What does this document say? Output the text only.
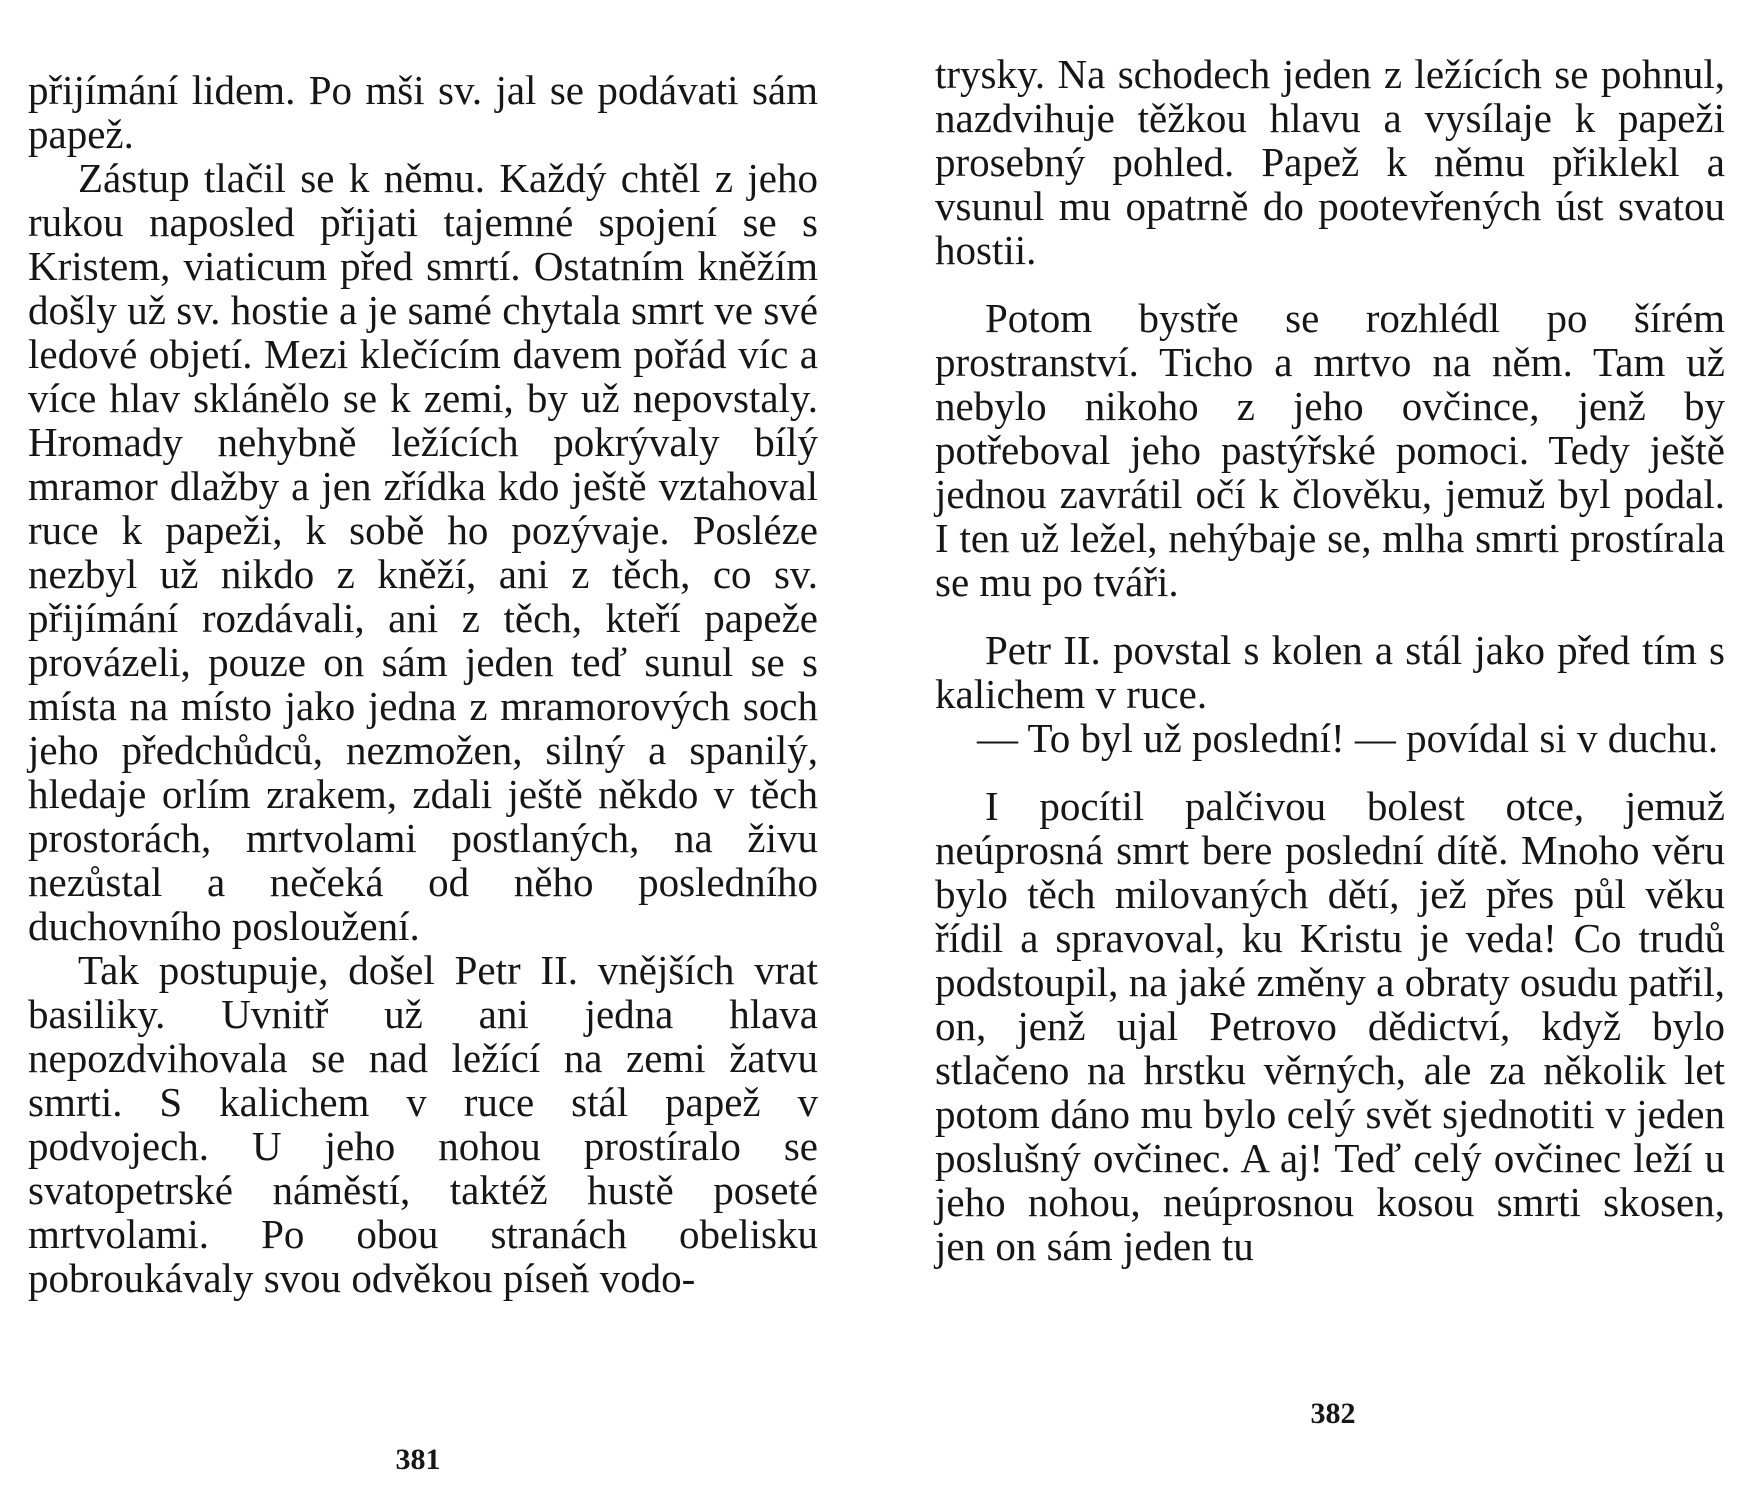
přijímání lidem. Po mši sv. jal se podávati sám papež.

Zástup tlačil se k němu. Každý chtěl z jeho rukou naposled přijati tajemné spojení se s Kristem, viaticum před smrtí. Ostatním kněžím došly už sv. hostie a je samé chytala smrt ve své ledové objetí. Mezi klečícím davem pořád víc a více hlav sklánělo se k zemi, by už nepovstaly. Hromady nehybně ležících pokrývaly bílý mramor dlažby a jen zřídka kdo ještě vztahoval ruce k papeži, k sobě ho pozývaje. Posléze nezbyl už nikdo z kněží, ani z těch, co sv. přijímání rozdávali, ani z těch, kteří papeže provázeli, pouze on sám jeden teď sunul se s místa na místo jako jedna z mramorových soch jeho předchůdců, nezmožen, silný a spanilý, hledaje orlím zrakem, zdali ještě někdo v těch prostorách, mrtvolami postlaných, na živu nezůstal a nečeká od něho posledního duchovního posloužení.

Tak postupuje, došel Petr II. vnějších vrat basiliky. Uvnitř už ani jedna hlava nepozdvihovala se nad ležící na zemi žatvu smrti. S kalichem v ruce stál papež v podvojech. U jeho nohou prostíralo se svatopetrské náměstí, taktéž hustě poseté mrtvolami. Po obou stranách obelisku pobroukávaly svou odvěkou píseň vodo-

381

trysky. Na schodech jeden z ležících se pohnul, nazdvihuje těžkou hlavu a vysílaje k papeži prosebný pohled. Papež k němu přiklekl a vsunul mu opatrně do pootevřených úst svatou hostii.

Potom bystře se rozhlédl po šírém prostranství. Ticho a mrtvo na něm. Tam už nebylo nikoho z jeho ovčince, jenž by potřeboval jeho pastýřské pomoci. Tedy ještě jednou zavrátil očí k člověku, jemuž byl podal. I ten už ležel, nehýbaje se, mlha smrti prostírala se mu po tváři.

Petr II. povstal s kolen a stál jako před tím s kalichem v ruce.

— To byl už poslední! — povídal si v duchu.

I pocítil palčivou bolest otce, jemuž neúprosná smrt bere poslední dítě. Mnoho věru bylo těch milovaných dětí, jež přes půl věku řídil a spravoval, ku Kristu je veda! Co trudů podstoupil, na jaké změny a obraty osudu patřil, on, jenž ujal Petrovo dědictví, když bylo stlačeno na hrstku věrných, ale za několik let potom dáno mu bylo celý svět sjednotiti v jeden poslušný ovčinec. A aj! Teď celý ovčinec leží u jeho nohou, neúprosnou kosou smrti skosen, jen on sám jeden tu

382
